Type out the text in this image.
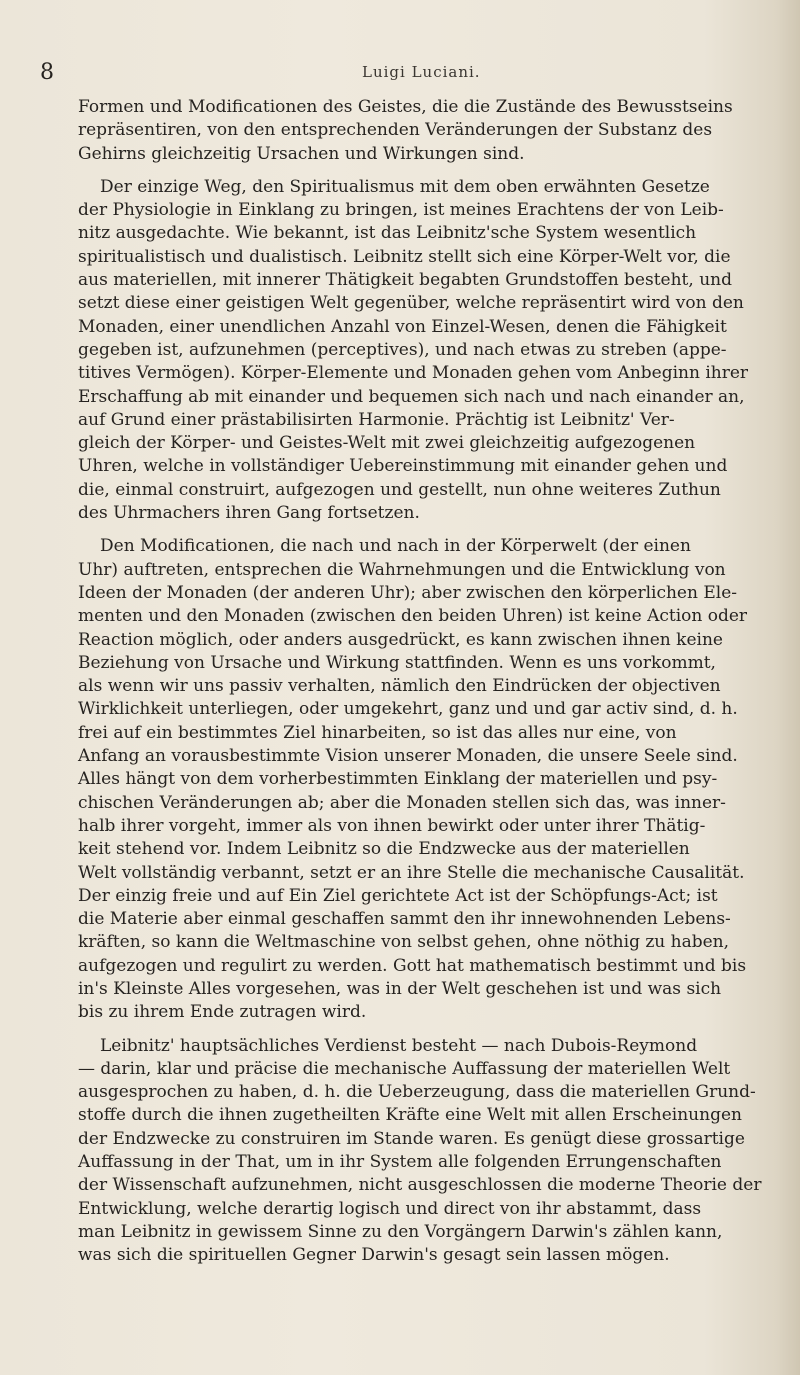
8	Luigi Luciani.

Formen und Modificationen des Geistes, die die Zustände des Bewusstseins
repräsentiren, von den entsprechenden Veränderungen der Substanz des
Gehirns gleichzeitig Ursachen und Wirkungen sind.

Der einzige Weg, den Spiritualismus mit dem oben erwähnten Gesetze
der Physiologie in Einklang zu bringen, ist meines Erachtens der von Leib-
nitz ausgedachte. Wie bekannt, ist das Leibnitz'sche System wesentlich
spiritualistisch und dualistisch. Leibnitz stellt sich eine Körper-Welt vor, die
aus materiellen, mit innerer Thätigkeit begabten Grundstoffen besteht, und
setzt diese einer geistigen Welt gegenüber, welche repräsentirt wird von den
Monaden, einer unendlichen Anzahl von Einzel-Wesen, denen die Fähigkeit
gegeben ist, aufzunehmen (perceptives), und nach etwas zu streben (appe-
titives Vermögen). Körper-Elemente und Monaden gehen vom Anbeginn ihrer
Erschaffung ab mit einander und bequemen sich nach und nach einander an,
auf Grund einer prästabilisirten Harmonie. Prächtig ist Leibnitz' Ver-
gleich der Körper- und Geistes-Welt mit zwei gleichzeitig aufgezogenen
Uhren, welche in vollständiger Uebereinstimmung mit einander gehen und
die, einmal construirt, aufgezogen und gestellt, nun ohne weiteres Zuthun
des Uhrmachers ihren Gang fortsetzen.

Den Modificationen, die nach und nach in der Körperwelt (der einen
Uhr) auftreten, entsprechen die Wahrnehmungen und die Entwicklung von
Ideen der Monaden (der anderen Uhr); aber zwischen den körperlichen Ele-
menten und den Monaden (zwischen den beiden Uhren) ist keine Action oder
Reaction möglich, oder anders ausgedrückt, es kann zwischen ihnen keine
Beziehung von Ursache und Wirkung stattfinden. Wenn es uns vorkommt,
als wenn wir uns passiv verhalten, nämlich den Eindrücken der objectiven
Wirklichkeit unterliegen, oder umgekehrt, ganz und und gar activ sind, d. h.
frei auf ein bestimmtes Ziel hinarbeiten, so ist das alles nur eine, von
Anfang an vorausbestimmte Vision unserer Monaden, die unsere Seele sind.
Alles hängt von dem vorherbestimmten Einklang der materiellen und psy-
chischen Veränderungen ab; aber die Monaden stellen sich das, was inner-
halb ihrer vorgeht, immer als von ihnen bewirkt oder unter ihrer Thätig-
keit stehend vor. Indem Leibnitz so die Endzwecke aus der materiellen
Welt vollständig verbannt, setzt er an ihre Stelle die mechanische Causalität.
Der einzig freie und auf Ein Ziel gerichtete Act ist der Schöpfungs-Act; ist
die Materie aber einmal geschaffen sammt den ihr innewohnenden Lebens-
kräften, so kann die Weltmaschine von selbst gehen, ohne nöthig zu haben,
aufgezogen und regulirt zu werden. Gott hat mathematisch bestimmt und bis
in's Kleinste Alles vorgesehen, was in der Welt geschehen ist und was sich
bis zu ihrem Ende zutragen wird.

Leibnitz' hauptsächliches Verdienst besteht — nach Dubois-Reymond
— darin, klar und präcise die mechanische Auffassung der materiellen Welt
ausgesprochen zu haben, d. h. die Ueberzeugung, dass die materiellen Grund-
stoffe durch die ihnen zugetheilten Kräfte eine Welt mit allen Erscheinungen
der Endzwecke zu construiren im Stande waren. Es genügt diese grossartige
Auffassung in der That, um in ihr System alle folgenden Errungenschaften
der Wissenschaft aufzunehmen, nicht ausgeschlossen die moderne Theorie der
Entwicklung, welche derartig logisch und direct von ihr abstammt, dass
man Leibnitz in gewissem Sinne zu den Vorgängern Darwin's zählen kann,
was sich die spirituellen Gegner Darwin's gesagt sein lassen mögen.
